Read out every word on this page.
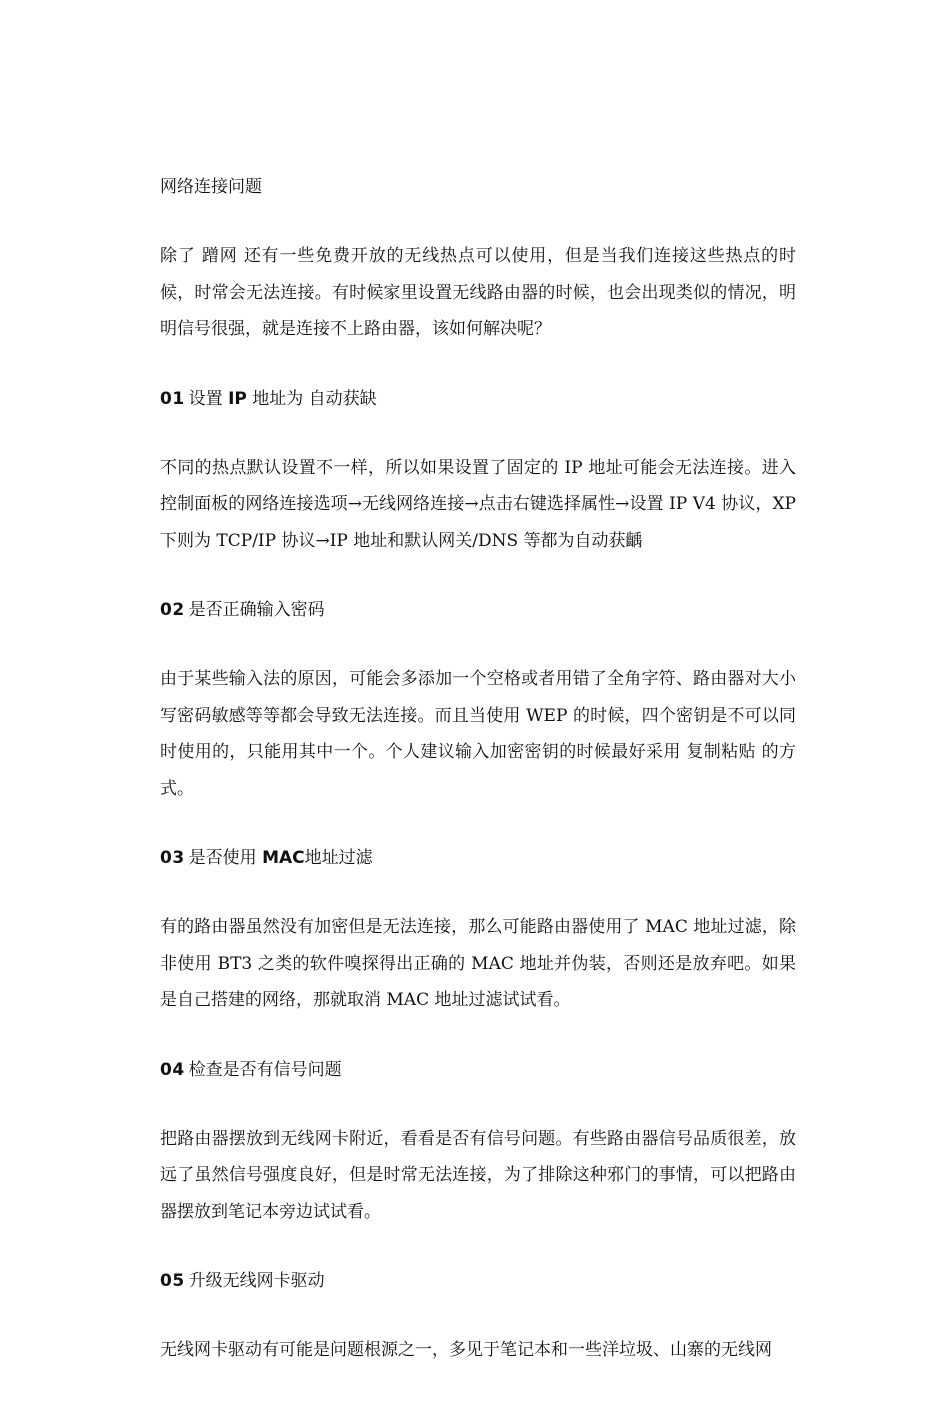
网络连接问题
除了 蹭网 还有一些免费开放的无线热点可以使用，但是当我们连接这些热点的时候，时常会无法连接。有时候家里设置无线路由器的时候，也会出现类似的情况，明明信号很强，就是连接不上路由器，该如何解决呢？
01 设置 IP 地址为 自动获缺
不同的热点默认设置不一样，所以如果设置了固定的 IP 地址可能会无法连接。进入控制面板的网络连接选项→无线网络连接→点击右键选择属性→设置 IP V4 协议，XP 下则为 TCP/IP 协议→IP 地址和默认网关/DNS 等都为自动获齲
02 是否正确输入密码
由于某些输入法的原因，可能会多添加一个空格或者用错了全角字符、路由器对大小写密码敏感等等都会导致无法连接。而且当使用 WEP 的时候，四个密钥是不可以同时使用的，只能用其中一个。个人建议输入加密密钥的时候最好采用 复制粘贴 的方式。
03 是否使用 MAC地址过滤
有的路由器虽然没有加密但是无法连接，那么可能路由器使用了 MAC 地址过滤，除非使用 BT3 之类的软件嗅探得出正确的 MAC 地址并伪装，否则还是放弃吧。如果是自己搭建的网络，那就取消 MAC 地址过滤试试看。
04 检查是否有信号问题
把路由器摆放到无线网卡附近，看看是否有信号问题。有些路由器信号品质很差，放远了虽然信号强度良好，但是时常无法连接，为了排除这种邪门的事情，可以把路由器摆放到笔记本旁边试试看。
05 升级无线网卡驱动
无线网卡驱动有可能是问题根源之一，多见于笔记本和一些洋垃圾、山寨的无线网
